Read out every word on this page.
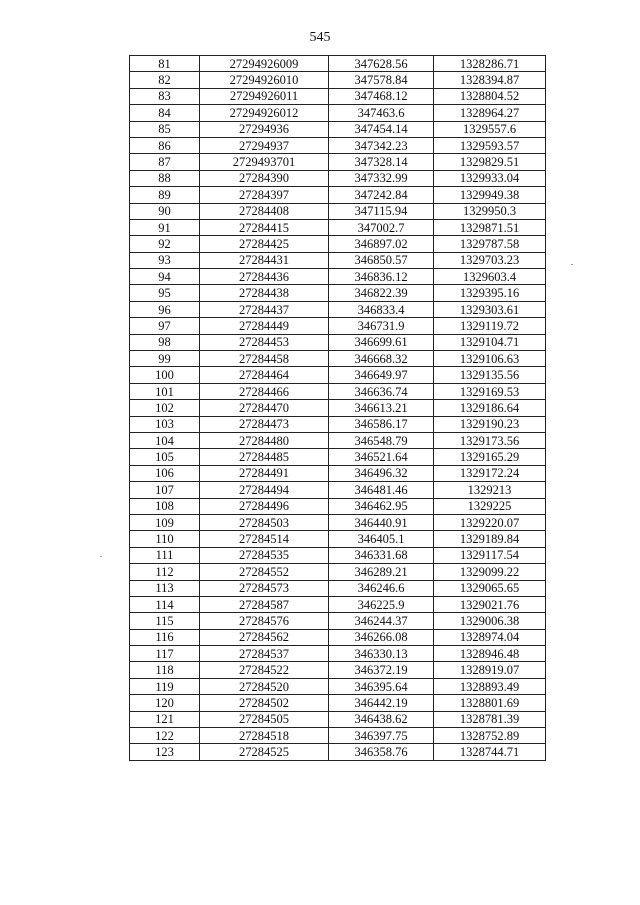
545
81	27294926009	347628.56	1328286.71
82	27294926010	347578.84	1328394.87
83	27294926011	347468.12	1328804.52
84	27294926012	347463.6	1328964.27
85	27294936	347454.14	1329557.6
86	27294937	347342.23	1329593.57
87	2729493701	347328.14	1329829.51
88	27284390	347332.99	1329933.04
89	27284397	347242.84	1329949.38
90	27284408	347115.94	1329950.3
91	27284415	347002.7	1329871.51
92	27284425	346897.02	1329787.58
93	27284431	346850.57	1329703.23
94	27284436	346836.12	1329603.4
95	27284438	346822.39	1329395.16
96	27284437	346833.4	1329303.61
97	27284449	346731.9	1329119.72
98	27284453	346699.61	1329104.71
99	27284458	346668.32	1329106.63
100	27284464	346649.97	1329135.56
101	27284466	346636.74	1329169.53
102	27284470	346613.21	1329186.64
103	27284473	346586.17	1329190.23
104	27284480	346548.79	1329173.56
105	27284485	346521.64	1329165.29
106	27284491	346496.32	1329172.24
107	27284494	346481.46	1329213
108	27284496	346462.95	1329225
109	27284503	346440.91	1329220.07
110	27284514	346405.1	1329189.84
111	27284535	346331.68	1329117.54
112	27284552	346289.21	1329099.22
113	27284573	346246.6	1329065.65
114	27284587	346225.9	1329021.76
115	27284576	346244.37	1329006.38
116	27284562	346266.08	1328974.04
117	27284537	346330.13	1328946.48
118	27284522	346372.19	1328919.07
119	27284520	346395.64	1328893.49
120	27284502	346442.19	1328801.69
121	27284505	346438.62	1328781.39
122	27284518	346397.75	1328752.89
123	27284525	346358.76	1328744.71
